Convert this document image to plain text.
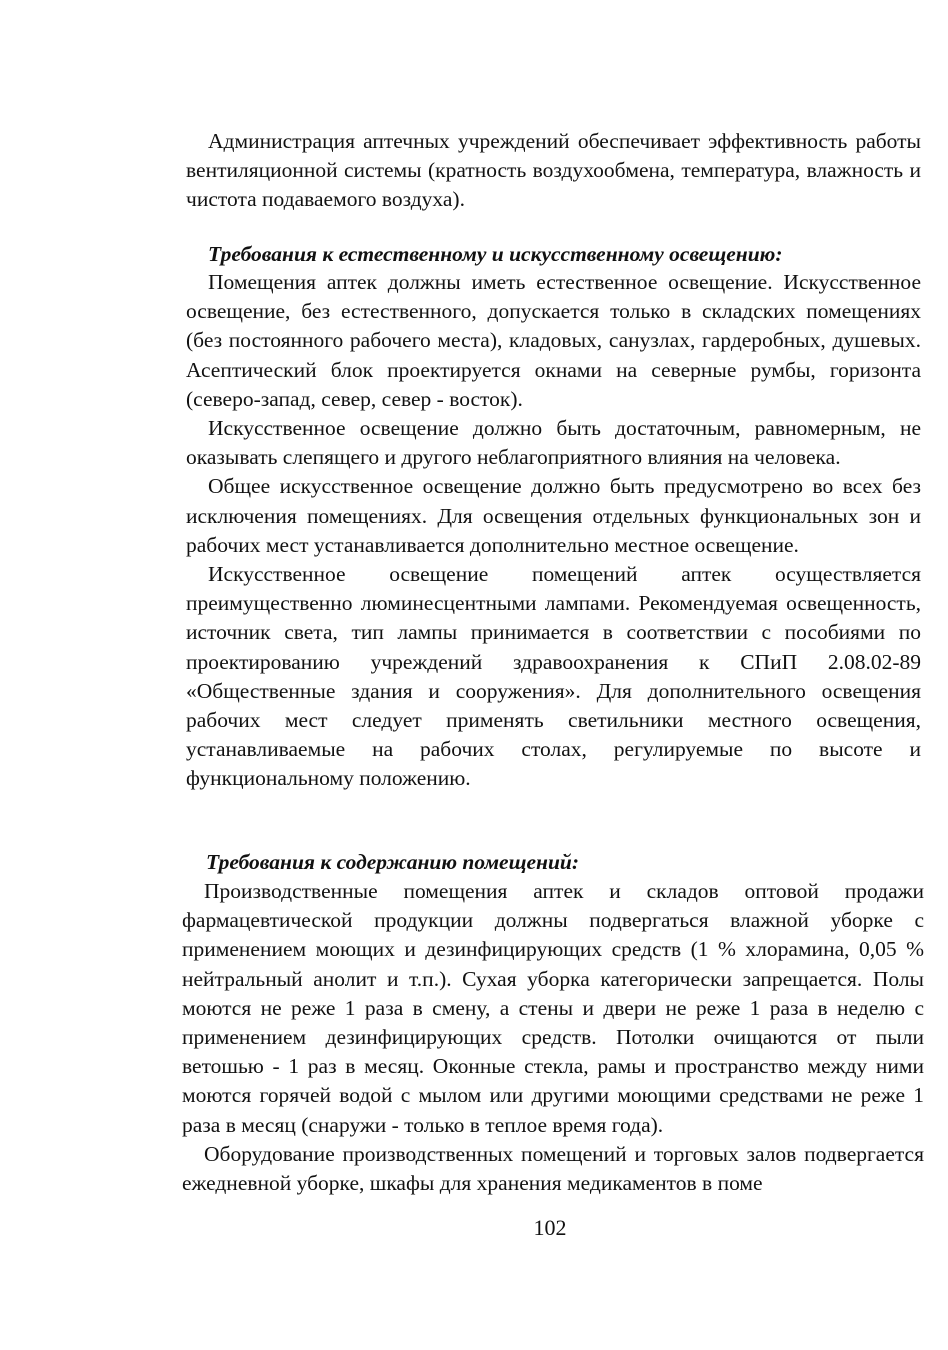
Администрация аптечных учреждений обеспечивает эффективность работы вентиляционной системы (кратность воздухообмена, температура, влажность и чистота подаваемого воздуха).

Требования к естественному и искусственному освещению:

Помещения аптек должны иметь естественное освещение. Искусственное освещение, без естественного, допускается только в складских помещениях (без постоянного рабочего места), кладовых, санузлах, гардеробных, душевых. Асептический блок проектируется окнами на северные румбы, горизонта (северо-запад, север, север - восток).

Искусственное освещение должно быть достаточным, равномерным, не оказывать слепящего и другого неблагоприятного влияния на человека.

Общее искусственное освещение должно быть предусмотрено во всех без исключения помещениях. Для освещения отдельных функциональных зон и рабочих мест устанавливается дополнительно местное освещение.

Искусственное освещение помещений аптек осуществляется преимущественно люминесцентными лампами. Рекомендуемая освещенность, источник света, тип лампы принимается в соответствии с пособиями по проектированию учреждений здравоохранения к СПиП 2.08.02-89 «Общественные здания и сооружения». Для дополнительного освещения рабочих мест следует применять светильники местного освещения, устанавливаемые на рабочих столах, регулируемые по высоте и функциональному положению.

Требования к содержанию помещений:

Производственные помещения аптек и складов оптовой продажи фармацевтической продукции должны подвергаться влажной уборке с применением моющих и дезинфицирующих средств (1 % хлорамина, 0,05 % нейтральный анолит и т.п.). Сухая уборка категорически запрещается. Полы моются не реже 1 раза в смену, а стены и двери не реже 1 раза в неделю с применением дезинфицирующих средств. Потолки очищаются от пыли ветошью - 1 раз в месяц. Оконные стекла, рамы и пространство между ними моются горячей водой с мылом или другими моющими средствами не реже 1 раза в месяц (снаружи - только в теплое время года).

Оборудование производственных помещений и торговых залов подвергается ежедневной уборке, шкафы для хранения медикаментов в поме

102
